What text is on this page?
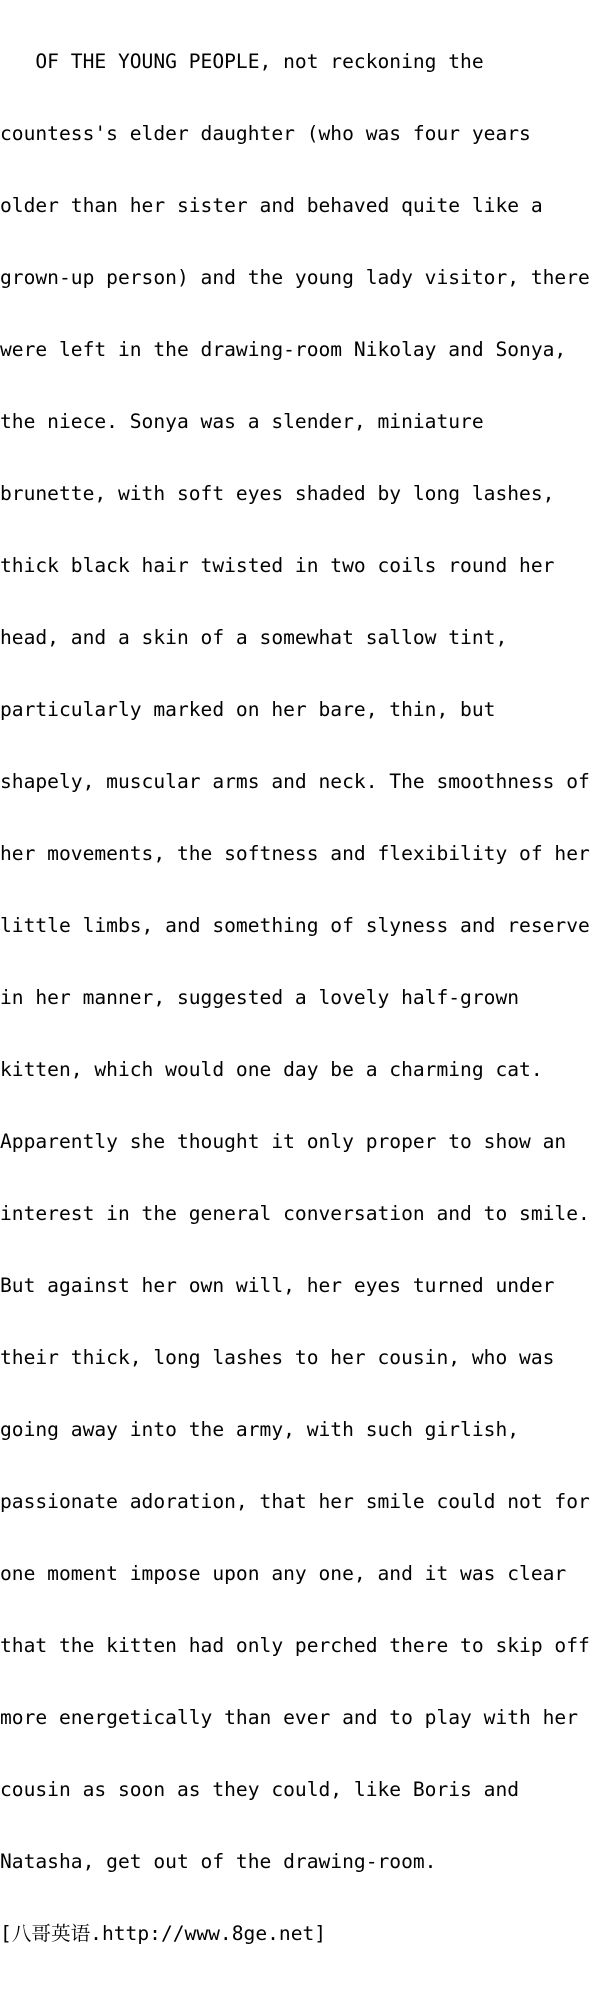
OF THE YOUNG PEOPLE, not reckoning the

countess's elder daughter (who was four years

older than her sister and behaved quite like a

grown-up person) and the young lady visitor, there

were left in the drawing-room Nikolay and Sonya,

the niece. Sonya was a slender, miniature

brunette, with soft eyes shaded by long lashes,

thick black hair twisted in two coils round her

head, and a skin of a somewhat sallow tint,

particularly marked on her bare, thin, but

shapely, muscular arms and neck. The smoothness of

her movements, the softness and flexibility of her

little limbs, and something of slyness and reserve

in her manner, suggested a lovely half-grown

kitten, which would one day be a charming cat.

Apparently she thought it only proper to show an

interest in the general conversation and to smile.

But against her own will, her eyes turned under

their thick, long lashes to her cousin, who was

going away into the army, with such girlish,

passionate adoration, that her smile could not for

one moment impose upon any one, and it was clear

that the kitten had only perched there to skip off

more energetically than ever and to play with her

cousin as soon as they could, like Boris and

Natasha, get out of the drawing-room.

[八哥英语.http://www.8ge.net]
